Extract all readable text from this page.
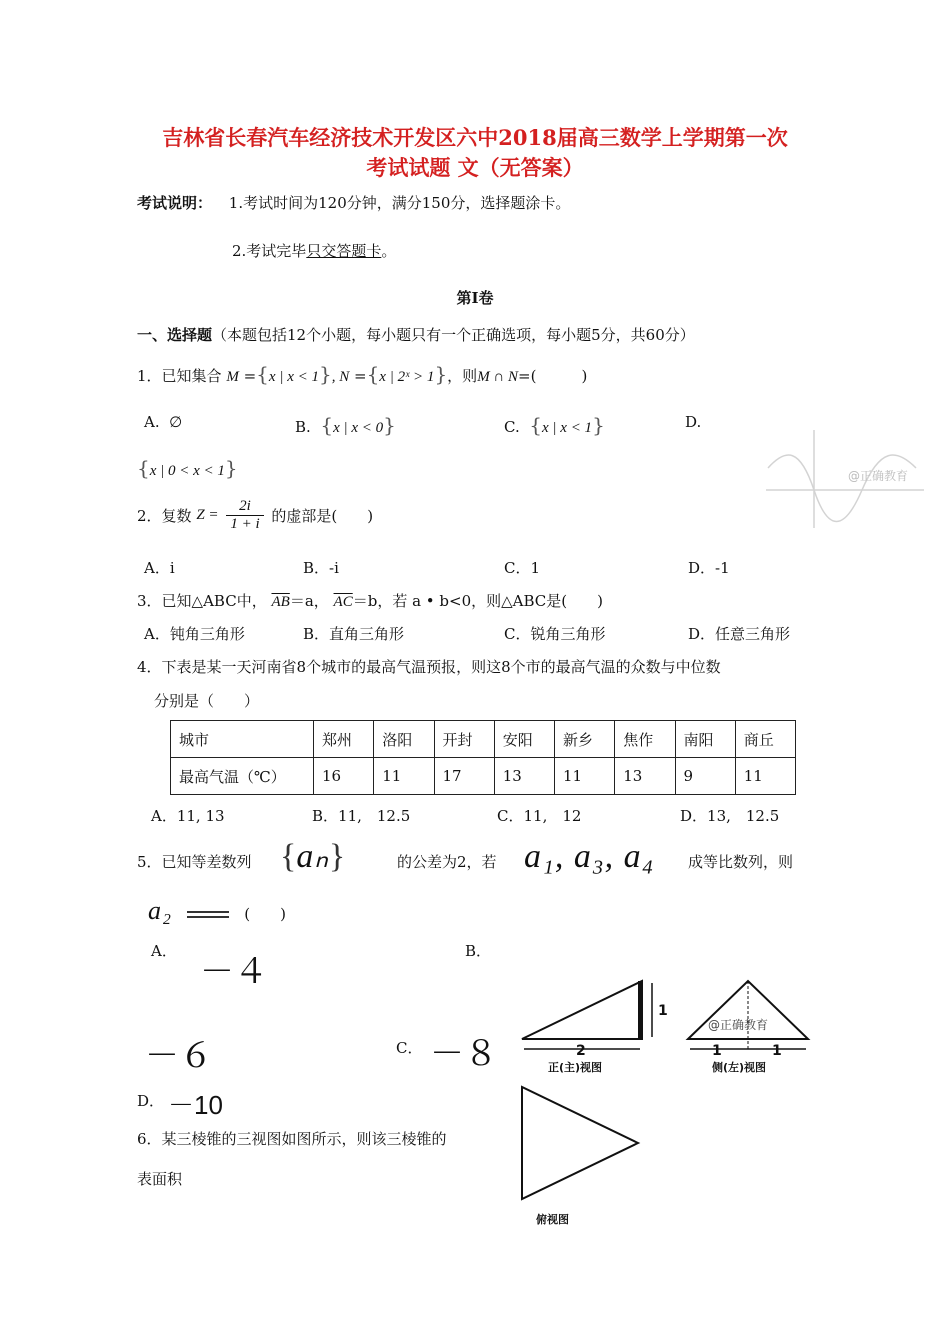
吉林省长春汽车经济技术开发区六中2018届高三数学上学期第一次
考试试题 文（无答案）
考试说明： 1.考试时间为120分钟，满分150分，选择题涂卡。
2.考试完毕只交答题卡。
第Ⅰ卷
一、选择题（本题包括12个小题，每小题只有一个正确选项，每小题5分，共60分）
1．已知集合 M ={x | x < 1}, N ={x | 2ˣ > 1}，则M ∩ N=(　　　)
A. ∅	B. {x | x < 0}	C. {x | x < 1}	D.
{x | 0 < x < 1}	@正确教育
2．复数 $Z = \frac{2i}{1 + i}$ 的虚部是(　　)
A．i	B．-i	C．1	D．-1
3．已知△ABC中， $\overline{AB}=a$， $\overline{AC}=b$，若 a • b<0，则△ABC是(　　)
A．钝角三角形	B．直角三角形	C．锐角三角形	D．任意三角形
4．下表是某一天河南省8个城市的最高气温预报，则这8个市的最高气温的众数与中位数
分别是（　　）
城市	郑州	洛阳	开封	安阳	新乡	焦作	南阳	商丘
最高气温（℃）	16	11	17	13	11	13	9	11
A．11, 13	B．11,　12.5	C．11,　12	D．13,　12.5
5．已知等差数列 {aₙ}	的公差为2，若 a₁, a₃, a₄ 成等比数列，则
a₂	(　　)
A．
－４
B．
－６	C． －８
D． －10
6．某三棱锥的三视图如图所示，则该三棱锥的
表面积
1
2
正(主)视图
1	1
@正确教育
侧(左)视图
俯视图
